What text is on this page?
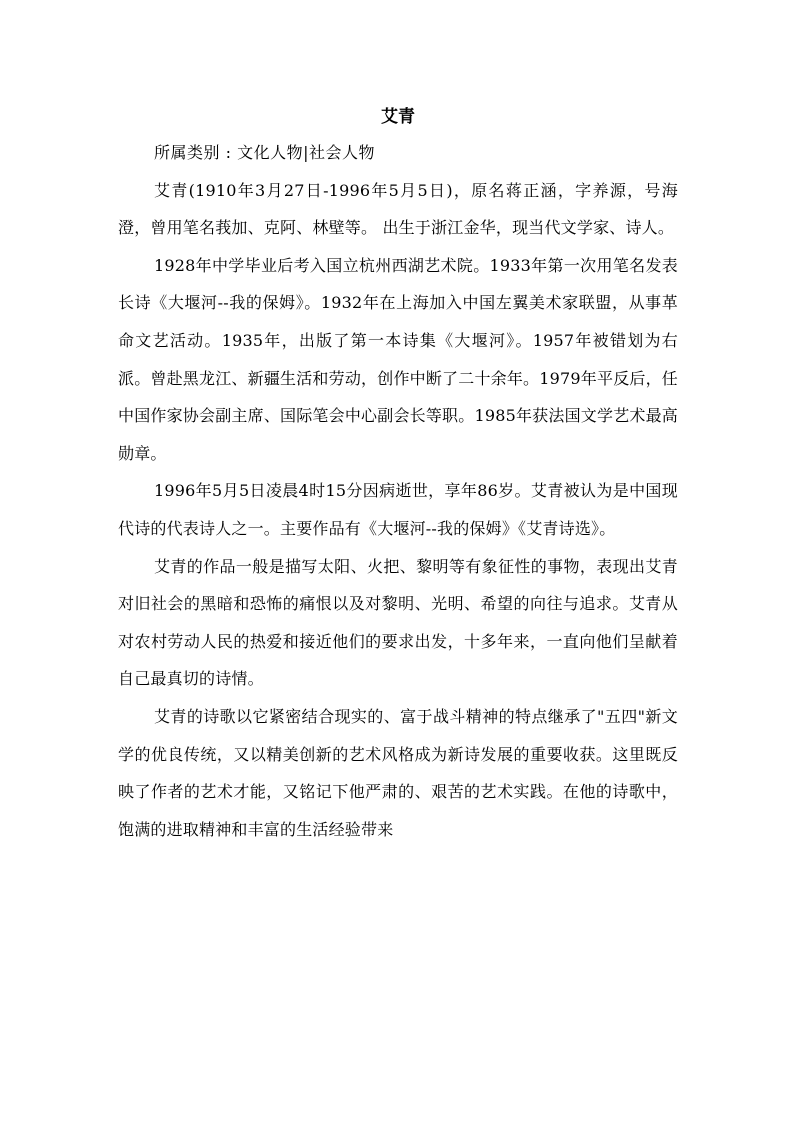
艾青

所属类别 : 文化人物|社会人物

艾青(1910年3月27日-1996年5月5日)，原名蒋正涵，字养源，号海澄，曾用笔名莪加、克阿、林壁等。 出生于浙江金华，现当代文学家、诗人。

1928年中学毕业后考入国立杭州西湖艺术院。1933年第一次用笔名发表长诗《大堰河--我的保姆》。1932年在上海加入中国左翼美术家联盟，从事革命文艺活动。1935年，出版了第一本诗集《大堰河》。1957年被错划为右派。曾赴黑龙江、新疆生活和劳动，创作中断了二十余年。1979年平反后，任中国作家协会副主席、国际笔会中心副会长等职。1985年获法国文学艺术最高勋章。

1996年5月5日凌晨4时15分因病逝世，享年86岁。艾青被认为是中国现代诗的代表诗人之一。主要作品有《大堰河--我的保姆》《艾青诗选》。

艾青的作品一般是描写太阳、火把、黎明等有象征性的事物，表现出艾青对旧社会的黑暗和恐怖的痛恨以及对黎明、光明、希望的向往与追求。艾青从对农村劳动人民的热爱和接近他们的要求出发，十多年来，一直向他们呈献着自己最真切的诗情。

艾青的诗歌以它紧密结合现实的、富于战斗精神的特点继承了"五四"新文学的优良传统，又以精美创新的艺术风格成为新诗发展的重要收获。这里既反映了作者的艺术才能，又铭记下他严肃的、艰苦的艺术实践。在他的诗歌中，饱满的进取精神和丰富的生活经验带来
